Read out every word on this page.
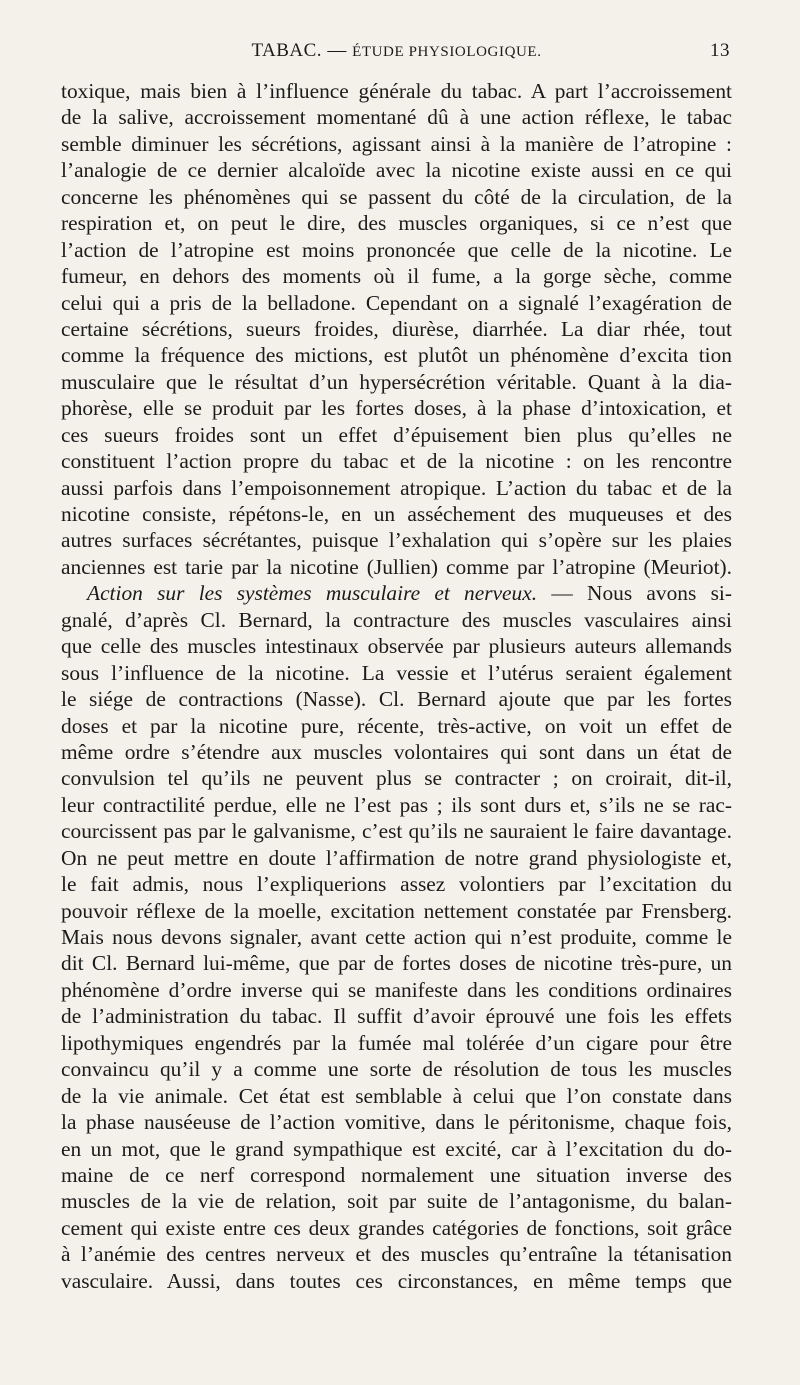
TABAC. — ÉTUDE PHYSIOLOGIQUE.	13
toxique, mais bien à l’influence générale du tabac. A part l’accroissement
de la salive, accroissement momentané dû à une action réflexe, le tabac
semble diminuer les sécrétions, agissant ainsi à la manière de l’atropine :
l’analogie de ce dernier alcaloïde avec la nicotine existe aussi en ce qui
concerne les phénomènes qui se passent du côté de la circulation, de la
respiration et, on peut le dire, des muscles organiques, si ce n’est que
l’action de l’atropine est moins prononcée que celle de la nicotine. Le
fumeur, en dehors des moments où il fume, a la gorge sèche, comme
celui qui a pris de la belladone. Cependant on a signalé l’exagération de
certaine sécrétions, sueurs froides, diurèse, diarrhée. La diar rhée, tout
comme la fréquence des mictions, est plutôt un phénomène d’excita tion
musculaire que le résultat d’un hypersécrétion véritable. Quant à la dia-
phorèse, elle se produit par les fortes doses, à la phase d’intoxication, et
ces sueurs froides sont un effet d’épuisement bien plus qu’elles ne
constituent l’action propre du tabac et de la nicotine : on les rencontre
aussi parfois dans l’empoisonnement atropique. L’action du tabac et de la
nicotine consiste, répétons-le, en un asséchement des muqueuses et des
autres surfaces sécrétantes, puisque l’exhalation qui s’opère sur les plaies
anciennes est tarie par la nicotine (Jullien) comme par l’atropine (Meuriot).
Action sur les systèmes musculaire et nerveux. — Nous avons si-
gnalé, d’après Cl. Bernard, la contracture des muscles vasculaires ainsi
que celle des muscles intestinaux observée par plusieurs auteurs allemands
sous l’influence de la nicotine. La vessie et l’utérus seraient également
le siége de contractions (Nasse). Cl. Bernard ajoute que par les fortes
doses et par la nicotine pure, récente, très-active, on voit un effet de
même ordre s’étendre aux muscles volontaires qui sont dans un état de
convulsion tel qu’ils ne peuvent plus se contracter ; on croirait, dit-il,
leur contractilité perdue, elle ne l’est pas ; ils sont durs et, s’ils ne se rac-
courcissent pas par le galvanisme, c’est qu’ils ne sauraient le faire davantage.
On ne peut mettre en doute l’affirmation de notre grand physiologiste et,
le fait admis, nous l’expliquerions assez volontiers par l’excitation du
pouvoir réflexe de la moelle, excitation nettement constatée par Frensberg.
Mais nous devons signaler, avant cette action qui n’est produite, comme le
dit Cl. Bernard lui-même, que par de fortes doses de nicotine très-pure, un
phénomène d’ordre inverse qui se manifeste dans les conditions ordinaires
de l’administration du tabac. Il suffit d’avoir éprouvé une fois les effets
lipothymiques engendrés par la fumée mal tolérée d’un cigare pour être
convaincu qu’il y a comme une sorte de résolution de tous les muscles
de la vie animale. Cet état est semblable à celui que l’on constate dans
la phase nauséeuse de l’action vomitive, dans le péritonisme, chaque fois,
en un mot, que le grand sympathique est excité, car à l’excitation du do-
maine de ce nerf correspond normalement une situation inverse des
muscles de la vie de relation, soit par suite de l’antagonisme, du balan-
cement qui existe entre ces deux grandes catégories de fonctions, soit grâce
à l’anémie des centres nerveux et des muscles qu’entraîne la tétanisation
vasculaire. Aussi, dans toutes ces circonstances, en même temps que
